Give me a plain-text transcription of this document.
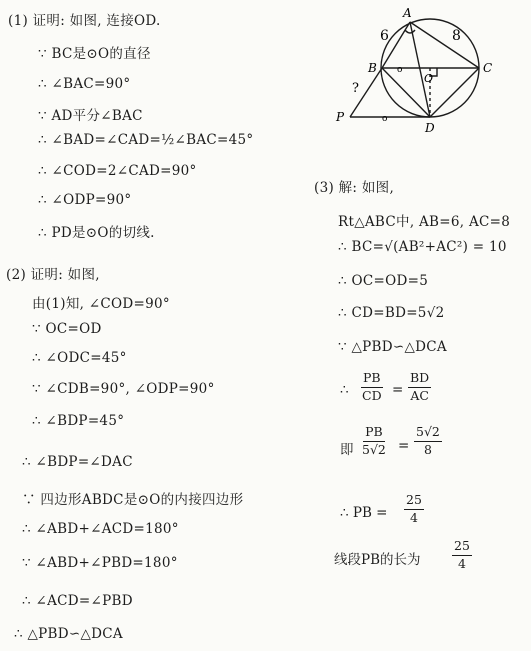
A
B	C
O
P
D
6	8
?
o
o
(1) 证明: 如图, 连接OD.
∵ BC是⊙O的直径
∴ ∠BAC=90°
∵ AD平分∠BAC
∴ ∠BAD=∠CAD=½∠BAC=45°
∴ ∠COD=2∠CAD=90°
∴ ∠ODP=90°
∴ PD是⊙O的切线.
(2) 证明: 如图,
由(1)知, ∠COD=90°
∵ OC=OD
∴ ∠ODC=45°
∵ ∠CDB=90°, ∠ODP=90°
∴ ∠BDP=45°
∴ ∠BDP=∠DAC
∵ 四边形ABDC是⊙O的内接四边形
∴ ∠ABD+∠ACD=180°
∵ ∠ABD+∠PBD=180°
∴ ∠ACD=∠PBD
∴ △PBD∽△DCA
(3) 解: 如图,
Rt△ABC中, AB=6, AC=8
∴ BC=√(AB²+AC²) = 10
∴ OC=OD=5
∴ CD=BD=5√2
∵ △PBD∽△DCA
∴ $\frac{PB}{CD} = \frac{BD}{AC}$
即 $\frac{PB}{5√2} = \frac{5√2}{8}$
∴ PB = $\frac{25}{4}$
线段PB的长为	$\frac{25}{4}$
